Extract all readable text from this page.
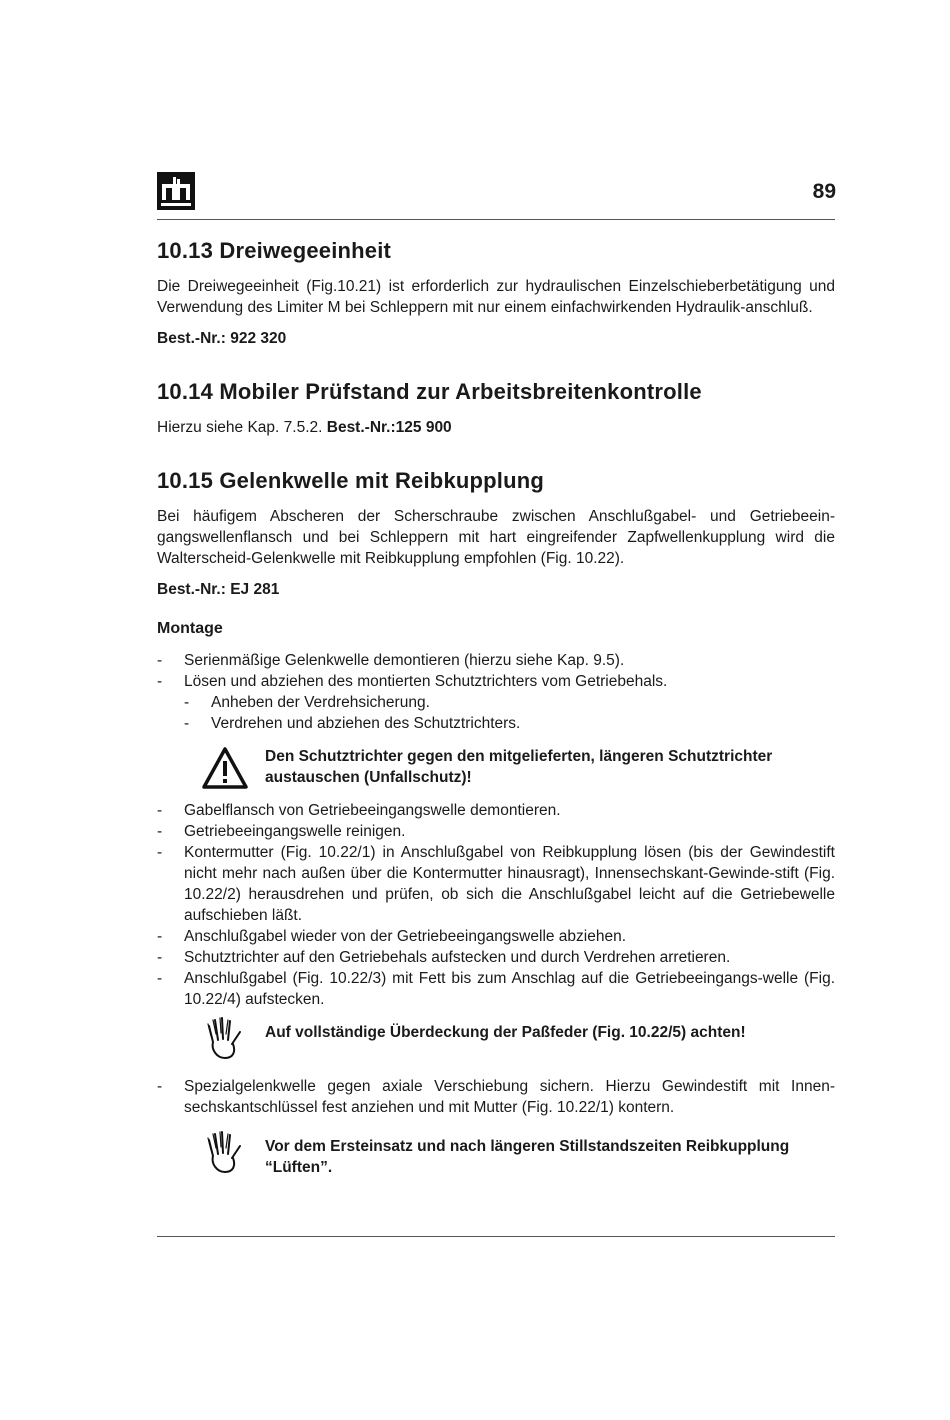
89
10.13 Dreiwegeeinheit

Die Dreiwegeeinheit (Fig.10.21) ist erforderlich zur hydraulischen Einzelschieberbetätigung und Verwendung des Limiter M bei Schleppern mit nur einem einfachwirkenden Hydraulik-anschluß.

Best.-Nr.: 922 320
10.14 Mobiler Prüfstand zur Arbeitsbreitenkontrolle

Hierzu siehe Kap. 7.5.2. Best.-Nr.:125 900

10.15 Gelenkwelle mit Reibkupplung

Bei häufigem Abscheren der Scherschraube zwischen Anschlußgabel- und Getriebeein-gangswellenflansch und bei Schleppern mit hart eingreifender Zapfwellenkupplung wird die Walterscheid-Gelenkwelle mit Reibkupplung empfohlen (Fig. 10.22).

Best.-Nr.: EJ 281
Montage
- Serienmäßige Gelenkwelle demontieren (hierzu siehe Kap. 9.5).
- Lösen und abziehen des montierten Schutztrichters vom Getriebehals.
- Anheben der Verdrehsicherung.
- Verdrehen und abziehen des Schutztrichters.
Den Schutztrichter gegen den mitgelieferten, längeren Schutztrichter austauschen (Unfallschutz)!
- Gabelflansch von Getriebeeingangswelle demontieren.
- Getriebeeingangswelle reinigen.
- Kontermutter (Fig. 10.22/1) in Anschlußgabel von Reibkupplung lösen (bis der Gewindestift nicht mehr nach außen über die Kontermutter hinausragt), Innensechskant-Gewinde-stift (Fig. 10.22/2) herausdrehen und prüfen, ob sich die Anschlußgabel leicht auf die Getriebewelle aufschieben läßt.
- Anschlußgabel wieder von der Getriebeeingangswelle abziehen.
- Schutztrichter auf den Getriebehals aufstecken und durch Verdrehen arretieren.
- Anschlußgabel (Fig. 10.22/3) mit Fett bis zum Anschlag auf die Getriebeeingangs-welle (Fig. 10.22/4) aufstecken.
Auf vollständige Überdeckung der Paßfeder (Fig. 10.22/5) achten!
- Spezialgelenkwelle gegen axiale Verschiebung sichern. Hierzu Gewindestift mit Innen-sechskantschlüssel fest anziehen und mit Mutter (Fig. 10.22/1) kontern.
Vor dem Ersteinsatz und nach längeren Stillstandszeiten Reibkupplung “Lüften”.
